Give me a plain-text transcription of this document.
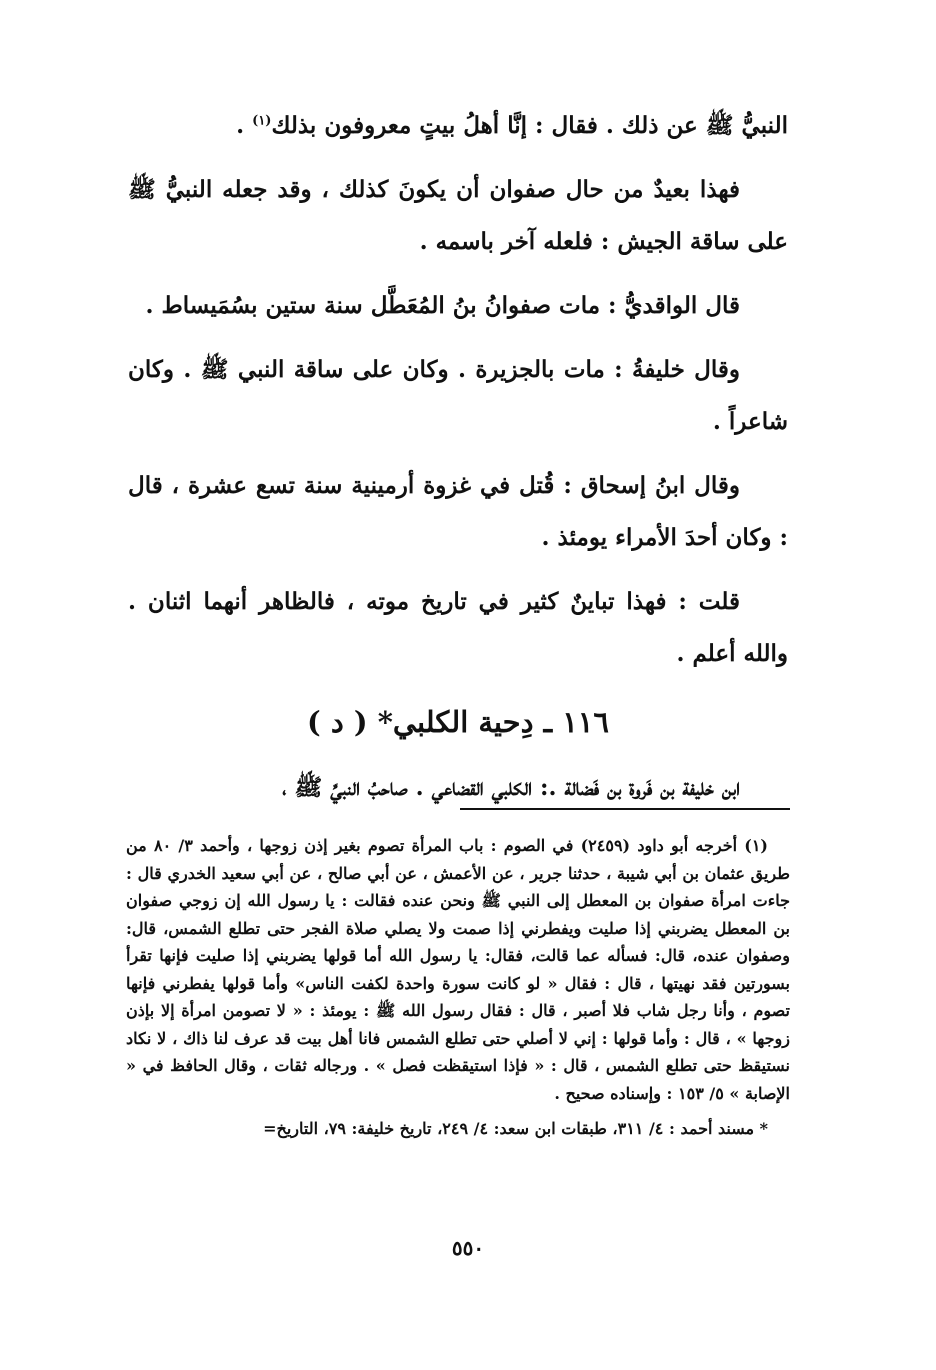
النبيُّ ﷺ عن ذلك . فقال : إنَّا أهلُ بيتٍ معروفون بذلك$^{(١)}$ .

فهذا بعيدٌ من حال صفوان أن يكونَ كذلك ، وقد جعله النبيُّ ﷺ على ساقة الجيش : فلعله آخر باسمه .

قال الواقديُّ : مات صفوانُ بنُ المُعَطَّل سنة ستين بسُمَيساط .

وقال خليفةُ : مات بالجزيرة . وكان على ساقة النبي ﷺ . وكان شاعراً .

وقال ابنُ إسحاق : قُتل في غزوة أرمينية سنة تسع عشرة ، قال : وكان أحدَ الأمراء يومئذ .

قلت : فهذا تباينٌ كثير في تاريخ موته ، فالظاهر أنهما اثنان . والله أعلم .

١١٦ ـ دِحية الكلبي* ( د )

ابن خليفة بن فَروة بن فَضالة .: الكلبي القضاعي . صاحبُ النبيِّ ﷺ ،

(١) أخرجه أبو داود (٢٤٥٩) في الصوم : باب المرأة تصوم بغير إذن زوجها ، وأحمد ٣/ ٨٠ من طريق عثمان بن أبي شيبة ، حدثنا جرير ، عن الأعمش ، عن أبي صالح ، عن أبي سعيد الخدري قال : جاءت امرأة صفوان بن المعطل إلى النبي ﷺ ونحن عنده فقالت : يا رسول الله إن زوجي صفوان بن المعطل يضربني إذا صليت ويفطرني إذا صمت ولا يصلي صلاة الفجر حتى تطلع الشمس، قال: وصفوان عنده، قال: فسأله عما قالت، فقال: يا رسول الله أما قولها يضربني إذا صليت فإنها تقرأ بسورتين فقد نهيتها ، قال : فقال « لو كانت سورة واحدة لكفت الناس» وأما قولها يفطرني فإنها تصوم ، وأنا رجل شاب فلا أصبر ، قال : فقال رسول الله ﷺ : يومئذ : « لا تصومن امرأة إلا بإذن زوجها » ، قال : وأما قولها : إني لا أصلي حتى تطلع الشمس فانا أهل بيت قد عرف لنا ذاك ، لا نكاد نستيقظ حتى تطلع الشمس ، قال : « فإذا استيقظت فصل » . ورجاله ثقات ، وقال الحافظ في « الإصابة » ٥/ ١٥٣ : وإسناده صحيح .

* مسند أحمد : ٤/ ٣١١، طبقات ابن سعد: ٤/ ٢٤٩، تاريخ خليفة: ٧٩، التاريخ=

٥٥٠
